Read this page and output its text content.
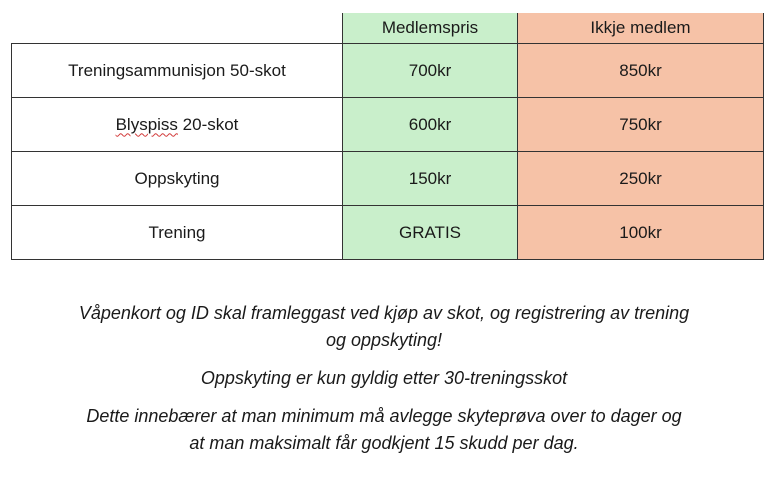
	Medlemspris	Ikkje medlem
Treningsammunisjon 50-skot	700kr	850kr
Blyspiss 20-skot	600kr	750kr
Oppskyting	150kr	250kr
Trening	GRATIS	100kr

Våpenkort og ID skal framleggast ved kjøp av skot, og registrering av trening
og oppskyting!

Oppskyting er kun gyldig etter 30-treningsskot

Dette innebærer at man minimum må avlegge skyteprøva over to dager og
at man maksimalt får godkjent 15 skudd per dag.
